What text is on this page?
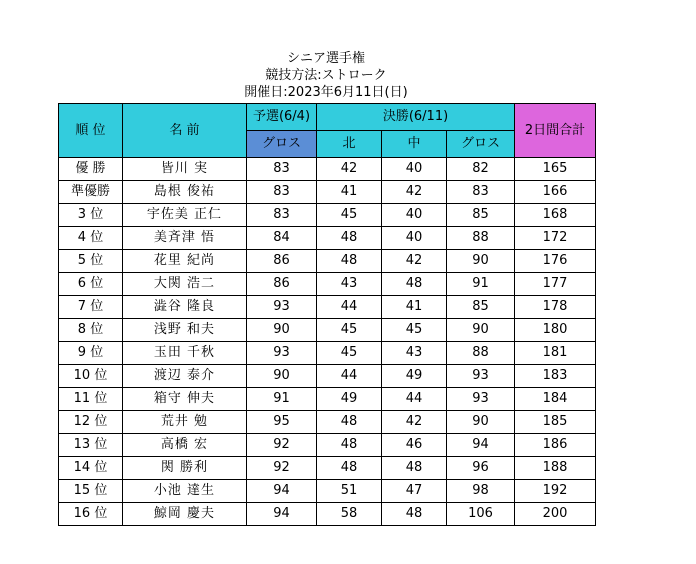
シニア選手権
競技方法:ストローク
開催日:2023年6月11日(日)
順 位	名 前	予選(6/4)	決勝(6/11)			2日間合計
		グロス	北	中	グロス	
優 勝	皆川 実	83	42	40	82	165
準優勝	島根 俊祐	83	41	42	83	166
3 位	宇佐美 正仁	83	45	40	85	168
4 位	美斉津 悟	84	48	40	88	172
5 位	花里 紀尚	86	48	42	90	176
6 位	大関 浩二	86	43	48	91	177
7 位	澁谷 隆良	93	44	41	85	178
8 位	浅野 和夫	90	45	45	90	180
9 位	玉田 千秋	93	45	43	88	181
10 位	渡辺 泰介	90	44	49	93	183
11 位	箱守 伸夫	91	49	44	93	184
12 位	荒井 勉	95	48	42	90	185
13 位	高橋 宏	92	48	46	94	186
14 位	関 勝利	92	48	48	96	188
15 位	小池 達生	94	51	47	98	192
16 位	鯨岡 慶夫	94	58	48	106	200
